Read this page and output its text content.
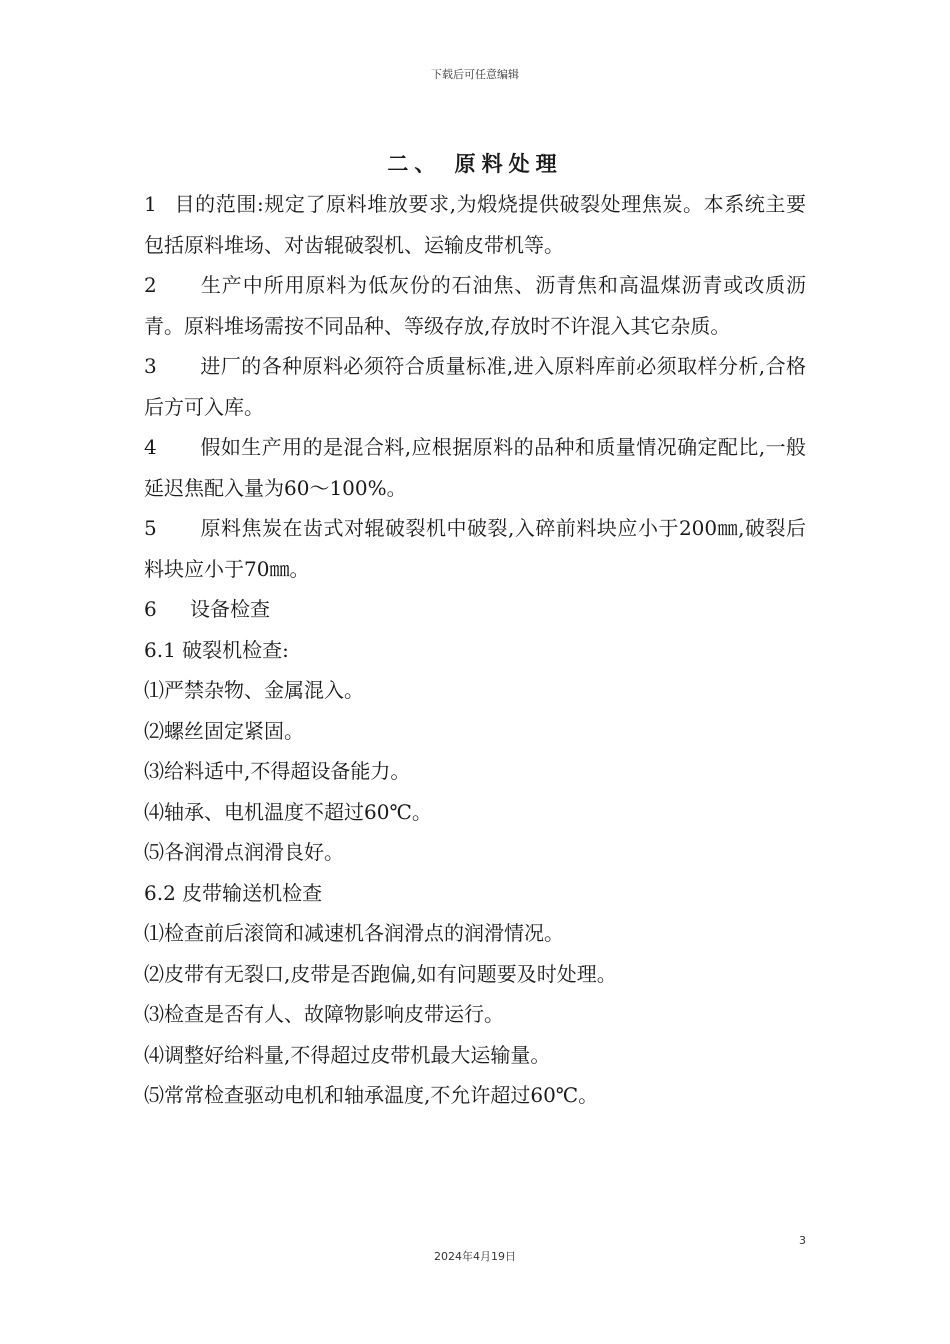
下载后可任意编辑
二、 原料处理

1 目的范围:规定了原料堆放要求,为煅烧提供破裂处理焦炭。本系统主要包括原料堆场、对齿辊破裂机、运输皮带机等。

2 生产中所用原料为低灰份的石油焦、沥青焦和高温煤沥青或改质沥青。原料堆场需按不同品种、等级存放,存放时不许混入其它杂质。

3 进厂的各种原料必须符合质量标准,进入原料库前必须取样分析,合格后方可入库。

4 假如生产用的是混合料,应根据原料的品种和质量情况确定配比,一般延迟焦配入量为60～100%。

5 原料焦炭在齿式对辊破裂机中破裂,入碎前料块应小于200㎜,破裂后料块应小于70㎜。

6 设备检查

6.1 破裂机检查:

⑴严禁杂物、金属混入。

⑵螺丝固定紧固。

⑶给料适中,不得超设备能力。

⑷轴承、电机温度不超过60℃。

⑸各润滑点润滑良好。

6.2 皮带输送机检查

⑴检查前后滚筒和减速机各润滑点的润滑情况。

⑵皮带有无裂口,皮带是否跑偏,如有问题要及时处理。

⑶检查是否有人、故障物影响皮带运行。

⑷调整好给料量,不得超过皮带机最大运输量。

⑸常常检查驱动电机和轴承温度,不允许超过60℃。

3
2024年4月19日
